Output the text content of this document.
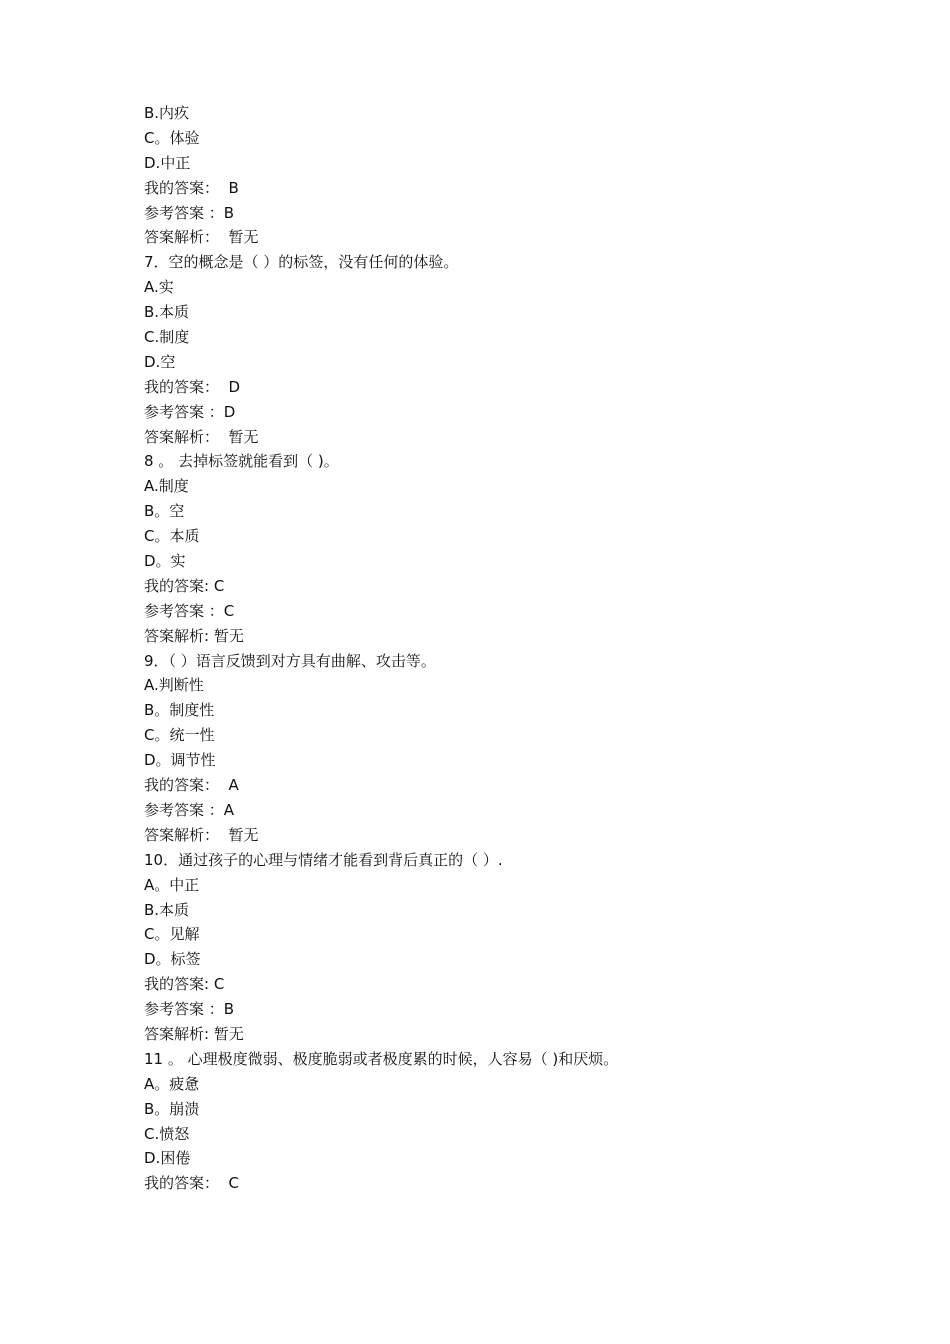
B.内疚
C。体验
D.中正
我的答案：  B
参考答案 ：B
答案解析：  暂无
7．空的概念是（ ）的标签，没有任何的体验。
A.实
B.本质
C.制度
D.空
我的答案：  D
参考答案 ：D
答案解析：  暂无
8 。 去掉标签就能看到（ )。
A.制度
B。空
C。本质
D。实
我的答案: C
参考答案 ：C
答案解析: 暂无
9．（ ）语言反馈到对方具有曲解、攻击等。
A.判断性
B。制度性
C。统一性
D。调节性
我的答案：  A
参考答案 ：A
答案解析：  暂无
10．通过孩子的心理与情绪才能看到背后真正的（ ）.
A。中正
B.本质
C。见解
D。标签
我的答案: C
参考答案 ：B
答案解析: 暂无
11 。 心理极度微弱、极度脆弱或者极度累的时候，人容易（ )和厌烦。
A。疲惫
B。崩溃
C.愤怒
D.困倦
我的答案：  C
